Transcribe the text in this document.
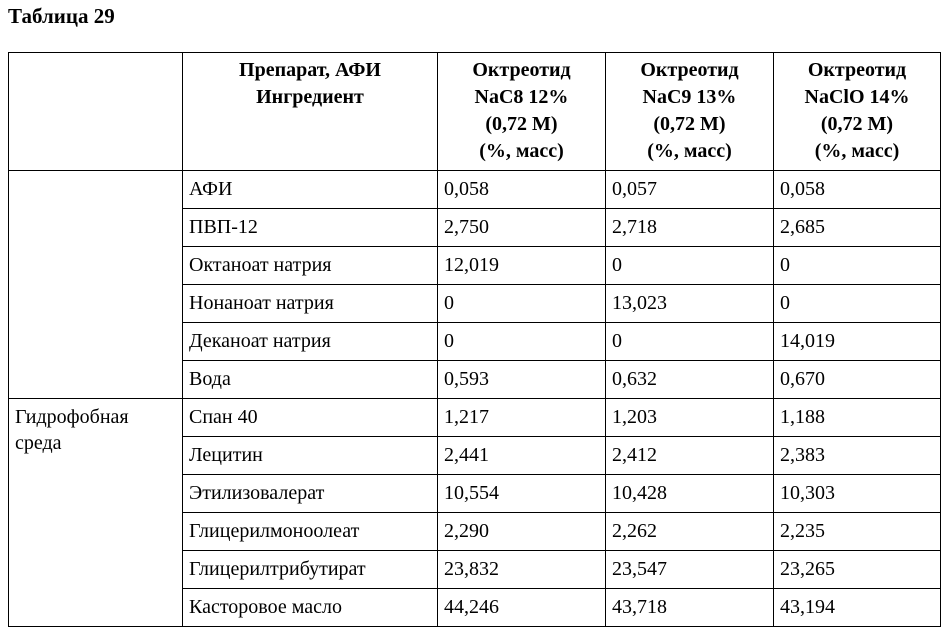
Таблица 29
	Препарат, АФИ
Ингредиент	Октреотид
NaC8 12%
(0,72 М)
(%, масс)	Октреотид
NaC9 13%
(0,72 М)
(%, масс)	Октреотид
NaClO 14%
(0,72 М)
(%, масс)
	АФИ	0,058	0,057	0,058
ПВП-12	2,750	2,718	2,685
Октаноат натрия	12,019	0	0
Нонаноат натрия	0	13,023	0
Деканоат натрия	0	0	14,019
Вода	0,593	0,632	0,670
Гидрофобная
среда	Спан 40	1,217	1,203	1,188
Лецитин	2,441	2,412	2,383
Этилизовалерат	10,554	10,428	10,303
Глицерилмоноолеат	2,290	2,262	2,235
Глицерилтрибутират	23,832	23,547	23,265
Касторовое масло	44,246	43,718	43,194
